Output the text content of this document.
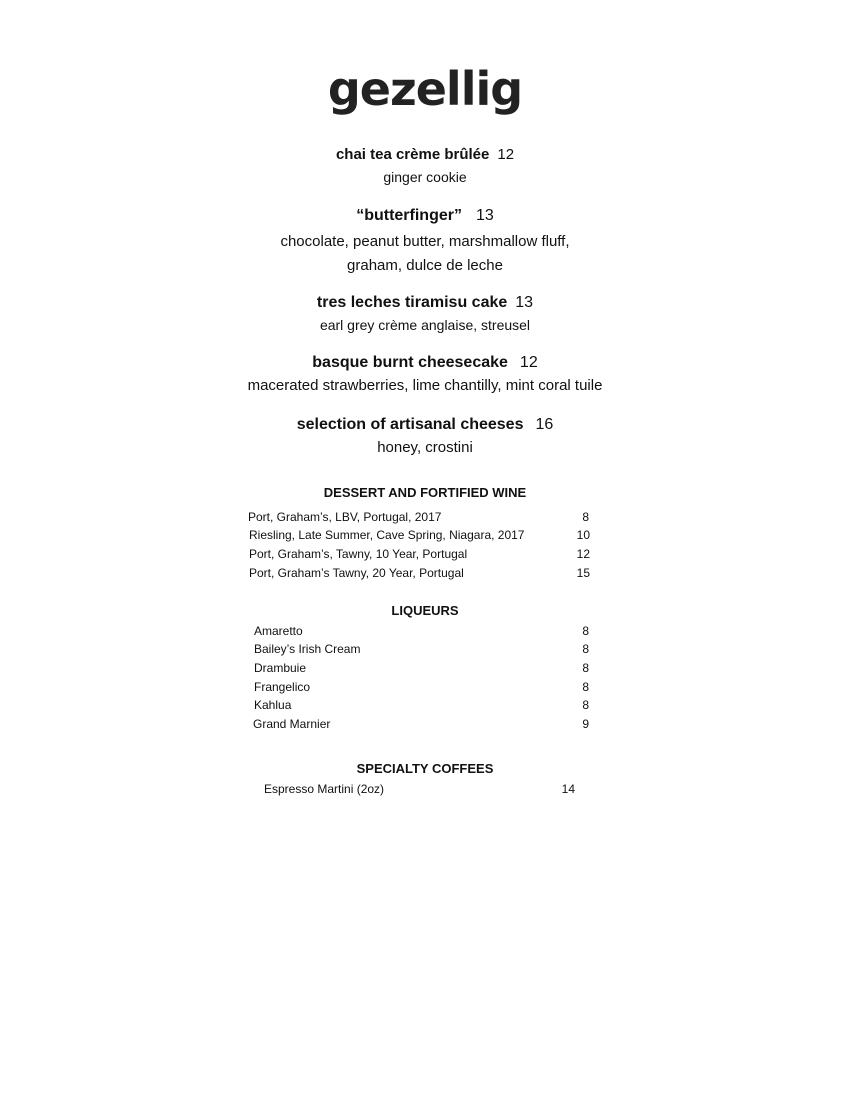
gezellig
chai tea crème brûlée 12
ginger cookie
“butterfinger” 13
chocolate, peanut butter, marshmallow fluff, graham, dulce de leche
tres leches tiramisu cake 13
earl grey crème anglaise, streusel
basque burnt cheesecake 12
macerated strawberries, lime chantilly, mint coral tuile
selection of artisanal cheeses 16
honey, crostini
DESSERT AND FORTIFIED WINE
Port, Graham’s, LBV, Portugal, 2017	8
Riesling, Late Summer, Cave Spring, Niagara, 2017	10
Port, Graham’s, Tawny, 10 Year, Portugal	12
Port, Graham’s Tawny, 20 Year, Portugal	15
LIQUEURS
Amaretto	8
Bailey’s Irish Cream	8
Drambuie	8
Frangelico	8
Kahlua	8
Grand Marnier	9
SPECIALTY COFFEES
Espresso Martini (2oz)	14
